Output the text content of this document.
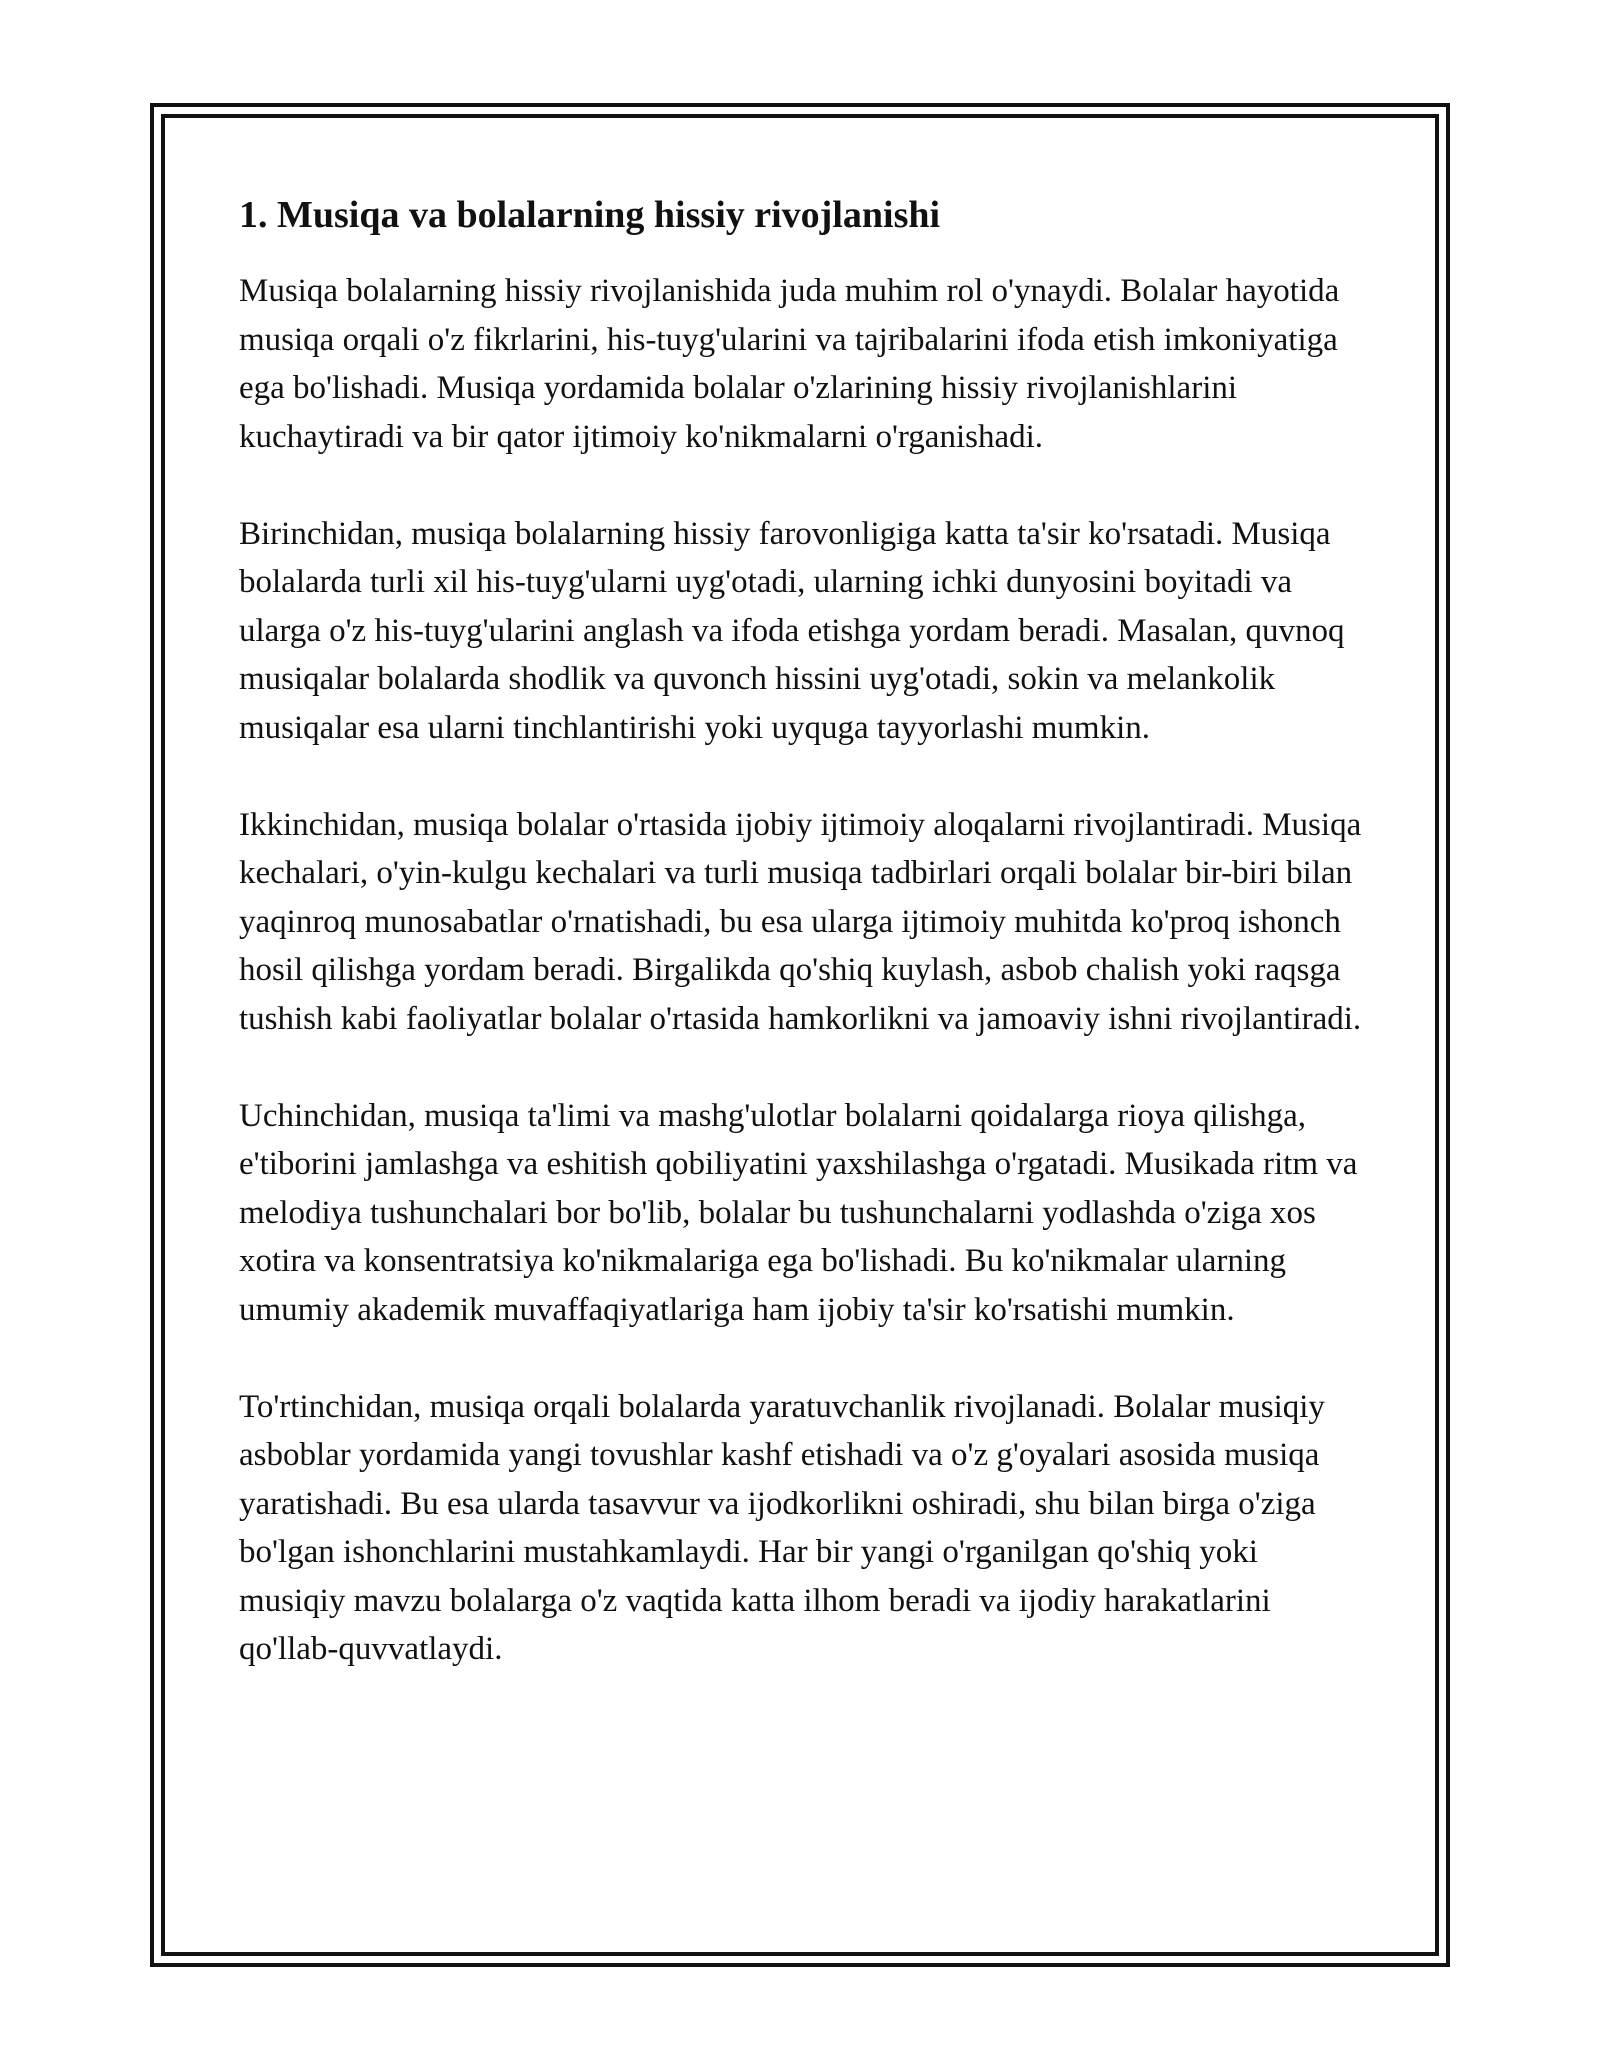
1. Musiqa va bolalarning hissiy rivojlanishi

Musiqa bolalarning hissiy rivojlanishida juda muhim rol o'ynaydi. Bolalar hayotida musiqa orqali o'z fikrlarini, his-tuyg'ularini va tajribalarini ifoda etish imkoniyatiga ega bo'lishadi. Musiqa yordamida bolalar o'zlarining hissiy rivojlanishlarini kuchaytiradi va bir qator ijtimoiy ko'nikmalarni o'rganishadi.

Birinchidan, musiqa bolalarning hissiy farovonligiga katta ta'sir ko'rsatadi. Musiqa bolalarda turli xil his-tuyg'ularni uyg'otadi, ularning ichki dunyosini boyitadi va ularga o'z his-tuyg'ularini anglash va ifoda etishga yordam beradi. Masalan, quvnoq musiqalar bolalarda shodlik va quvonch hissini uyg'otadi, sokin va melankolik musiqalar esa ularni tinchlantirishi yoki uyquga tayyorlashi mumkin.

Ikkinchidan, musiqa bolalar o'rtasida ijobiy ijtimoiy aloqalarni rivojlantiradi. Musiqa kechalari, o'yin-kulgu kechalari va turli musiqa tadbirlari orqali bolalar bir-biri bilan yaqinroq munosabatlar o'rnatishadi, bu esa ularga ijtimoiy muhitda ko'proq ishonch hosil qilishga yordam beradi. Birgalikda qo'shiq kuylash, asbob chalish yoki raqsga tushish kabi faoliyatlar bolalar o'rtasida hamkorlikni va jamoaviy ishni rivojlantiradi.

Uchinchidan, musiqa ta'limi va mashg'ulotlar bolalarni qoidalarga rioya qilishga, e'tiborini jamlashga va eshitish qobiliyatini yaxshilashga o'rgatadi. Musikada ritm va melodiya tushunchalari bor bo'lib, bolalar bu tushunchalarni yodlashda o'ziga xos xotira va konsentratsiya ko'nikmalariga ega bo'lishadi. Bu ko'nikmalar ularning umumiy akademik muvaffaqiyatlariga ham ijobiy ta'sir ko'rsatishi mumkin.

To'rtinchidan, musiqa orqali bolalarda yaratuvchanlik rivojlanadi. Bolalar musiqiy asboblar yordamida yangi tovushlar kashf etishadi va o'z g'oyalari asosida musiqa yaratishadi. Bu esa ularda tasavvur va ijodkorlikni oshiradi, shu bilan birga o'ziga bo'lgan ishonchlarini mustahkamlaydi. Har bir yangi o'rganilgan qo'shiq yoki musiqiy mavzu bolalarga o'z vaqtida katta ilhom beradi va ijodiy harakatlarini qo'llab-quvvatlaydi.
